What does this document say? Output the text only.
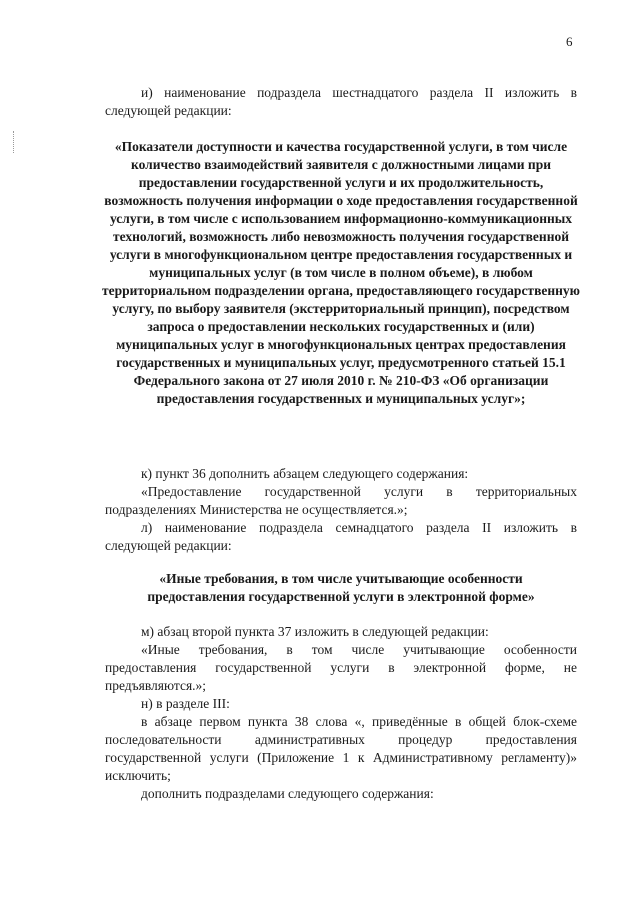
6

и) наименование подраздела шестнадцатого раздела II изложить в следующей редакции:

«Показатели доступности и качества государственной услуги, в том числе количество взаимодействий заявителя с должностными лицами при предоставлении государственной услуги и их продолжительность, возможность получения информации о ходе предоставления государственной услуги, в том числе с использованием информационно-коммуникационных технологий, возможность либо невозможность получения государственной услуги в многофункциональном центре предоставления государственных и муниципальных услуг (в том числе в полном объеме), в любом территориальном подразделении органа, предоставляющего государственную услугу, по выбору заявителя (экстерриториальный принцип), посредством запроса о предоставлении нескольких государственных и (или) муниципальных услуг в многофункциональных центрах предоставления государственных и муниципальных услуг, предусмотренного статьей 15.1 Федерального закона от 27 июля 2010 г. № 210-ФЗ «Об организации предоставления государственных и муниципальных услуг»;

к) пункт 36 дополнить абзацем следующего содержания:

«Предоставление государственной услуги в территориальных подразделениях Министерства не осуществляется.»;

л) наименование подраздела семнадцатого раздела II изложить в следующей редакции:

«Иные требования, в том числе учитывающие особенности предоставления государственной услуги в электронной форме»

м) абзац второй пункта 37 изложить в следующей редакции:

«Иные требования, в том числе учитывающие особенности предоставления государственной услуги в электронной форме, не предъявляются.»;

н) в разделе III:

в абзаце первом пункта 38 слова «, приведённые в общей блок-схеме последовательности административных процедур предоставления государственной услуги (Приложение 1 к Административному регламенту)» исключить;

дополнить подразделами следующего содержания:
